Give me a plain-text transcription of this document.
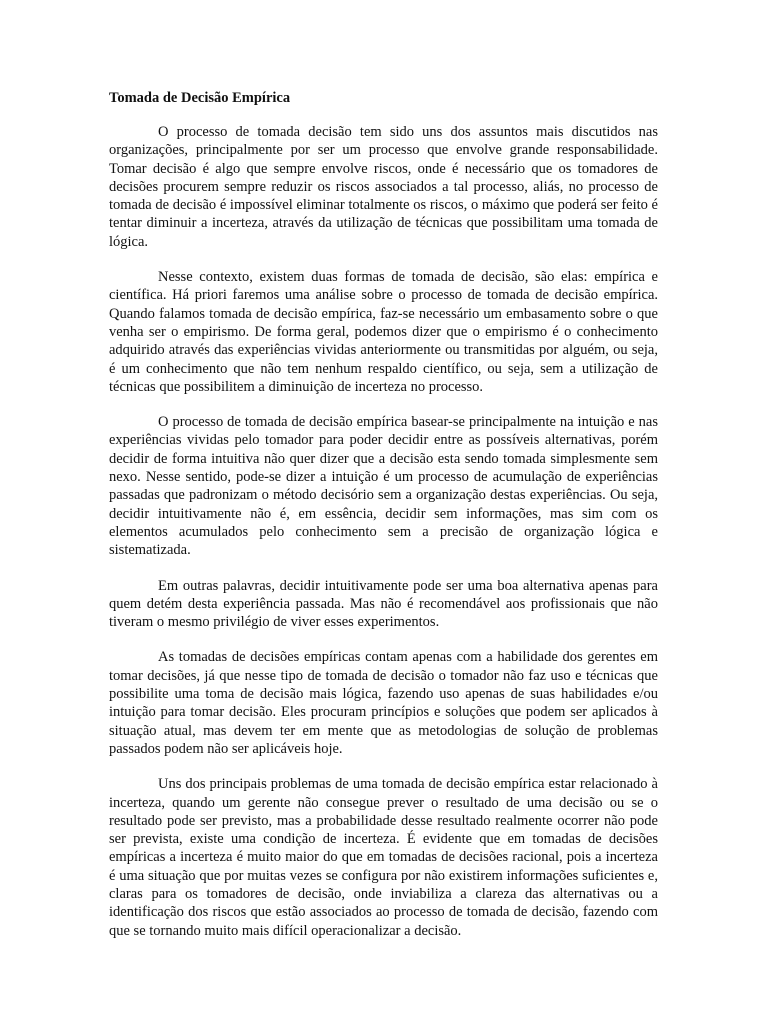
Tomada de Decisão Empírica

O processo de tomada decisão tem sido uns dos assuntos mais discutidos nas organizações, principalmente por ser um processo que envolve grande responsabilidade. Tomar decisão é algo que sempre envolve riscos, onde é necessário que os tomadores de decisões procurem sempre reduzir os riscos associados a tal processo, aliás, no processo de tomada de decisão é impossível eliminar totalmente os riscos, o máximo que poderá ser feito é tentar diminuir a incerteza, através da utilização de técnicas que possibilitam uma tomada de lógica.

Nesse contexto, existem duas formas de tomada de decisão, são elas: empírica e científica. Há priori faremos uma análise sobre o processo de tomada de decisão empírica. Quando falamos tomada de decisão empírica, faz-se necessário um embasamento sobre o que venha ser o empirismo. De forma geral, podemos dizer que o empirismo é o conhecimento adquirido através das experiências vividas anteriormente ou transmitidas por alguém, ou seja, é um conhecimento que não tem nenhum respaldo científico, ou seja, sem a utilização de técnicas que possibilitem a diminuição de incerteza no processo.

O processo de tomada de decisão empírica basear-se principalmente na intuição e nas experiências vividas pelo tomador para poder decidir entre as possíveis alternativas, porém decidir de forma intuitiva não quer dizer que a decisão esta sendo tomada simplesmente sem nexo. Nesse sentido, pode-se dizer a intuição é um processo de acumulação de experiências passadas que padronizam o método decisório sem a organização destas experiências. Ou seja, decidir intuitivamente não é, em essência, decidir sem informações, mas sim com os elementos acumulados pelo conhecimento sem a precisão de organização lógica e sistematizada.

Em outras palavras, decidir intuitivamente pode ser uma boa alternativa apenas para quem detém desta experiência passada. Mas não é recomendável aos profissionais que não tiveram o mesmo privilégio de viver esses experimentos.

As tomadas de decisões empíricas contam apenas com a habilidade dos gerentes em tomar decisões, já que nesse tipo de tomada de decisão o tomador não faz uso e técnicas que possibilite uma toma de decisão mais lógica, fazendo uso apenas de suas habilidades e/ou intuição para tomar decisão. Eles procuram princípios e soluções que podem ser aplicados à situação atual, mas devem ter em mente que as metodologias de solução de problemas passados podem não ser aplicáveis hoje.

Uns dos principais problemas de uma tomada de decisão empírica estar relacionado à incerteza, quando um gerente não consegue prever o resultado de uma decisão ou se o resultado pode ser previsto, mas a probabilidade desse resultado realmente ocorrer não pode ser prevista, existe uma condição de incerteza. É evidente que em tomadas de decisões empíricas a incerteza é muito maior do que em tomadas de decisões racional, pois a incerteza é uma situação que por muitas vezes se configura por não existirem informações suficientes e, claras para os tomadores de decisão, onde inviabiliza a clareza das alternativas ou a identificação dos riscos que estão associados ao processo de tomada de decisão, fazendo com que se tornando muito mais difícil operacionalizar a decisão.
